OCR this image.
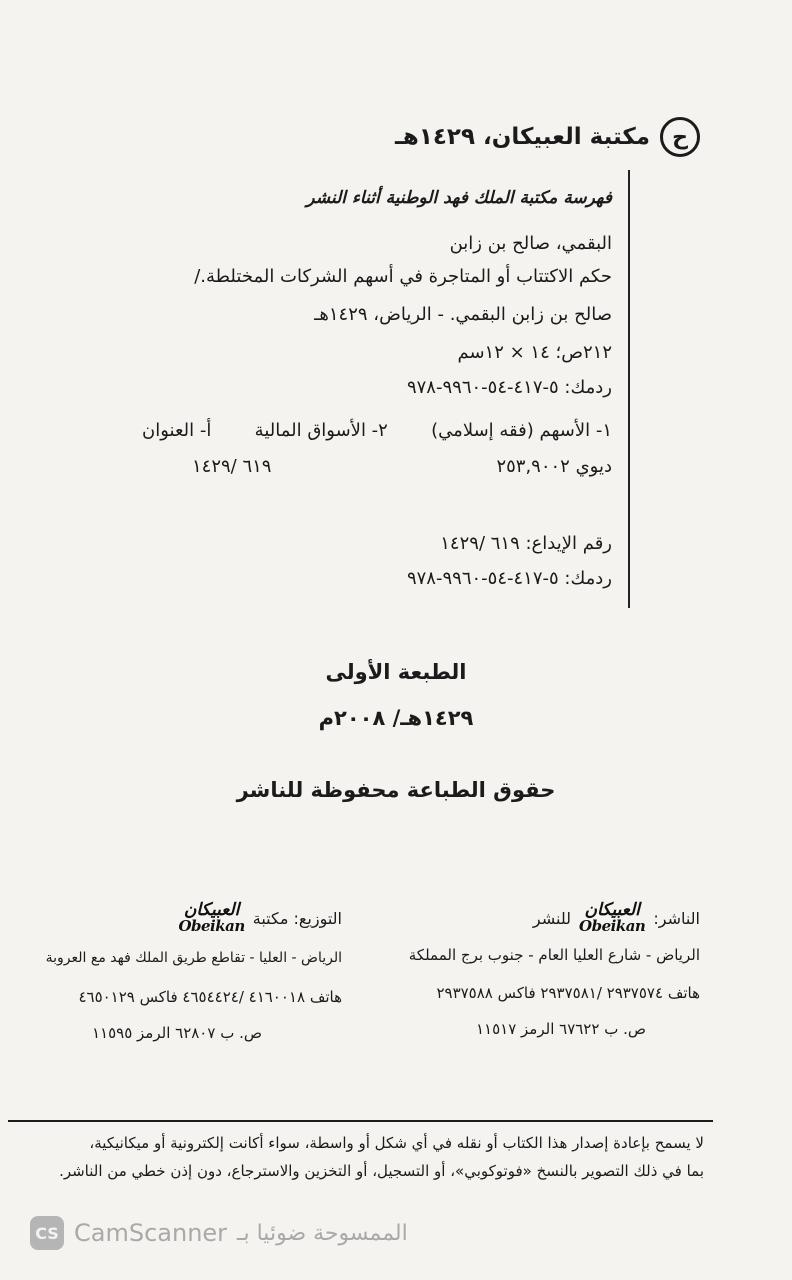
مكتبة العبيكان، ١٤٢٩هـ	ح
فهرسة مكتبة الملك فهد الوطنية أثناء النشر
البقمي، صالح بن زابن
حكم الاكتتاب أو المتاجرة في أسهم الشركات المختلطة./
صالح بن زابن البقمي. - الرياض، ١٤٢٩هـ
٢١٢ص؛ ١٤ × ١٢سم
ردمك: ٥-٤١٧-٥٤-٩٩٦٠-٩٧٨
١- الأسهم (فقه إسلامي)
٢- الأسواق المالية
أ- العنوان
ديوي ٢٥٣,٩٠٠٢
٦١٩ /١٤٢٩
رقم الإيداع: ٦١٩ /١٤٢٩
ردمك: ٥-٤١٧-٥٤-٩٩٦٠-٩٧٨
الطبعة الأولى
١٤٢٩هـ/ ٢٠٠٨م
حقوق الطباعة محفوظة للناشر
الناشر:
العبيكان
Obeikan
للنشر
الرياض - شارع العليا العام - جنوب برج المملكة
هاتف ٢٩٣٧٥٧٤ /٢٩٣٧٥٨١ فاكس ٢٩٣٧٥٨٨
ص. ب ٦٧٦٢٢ الرمز ١١٥١٧
التوزيع: مكتبة
العبيكان
Obeikan
الرياض - العليا - تقاطع طريق الملك فهد مع العروبة
هاتف ٤١٦٠٠١٨ /٤٦٥٤٤٢٤ فاكس ٤٦٥٠١٢٩
ص. ب ٦٢٨٠٧ الرمز ١١٥٩٥
لا يسمح بإعادة إصدار هذا الكتاب أو نقله في أي شكل أو واسطة، سواء أكانت إلكترونية أو ميكانيكية،
بما في ذلك التصوير بالنسخ «فوتوكوبي»، أو التسجيل، أو التخزين والاسترجاع، دون إذن خطي من الناشر.
CS CamScanner الممسوحة ضوئيا بـ
